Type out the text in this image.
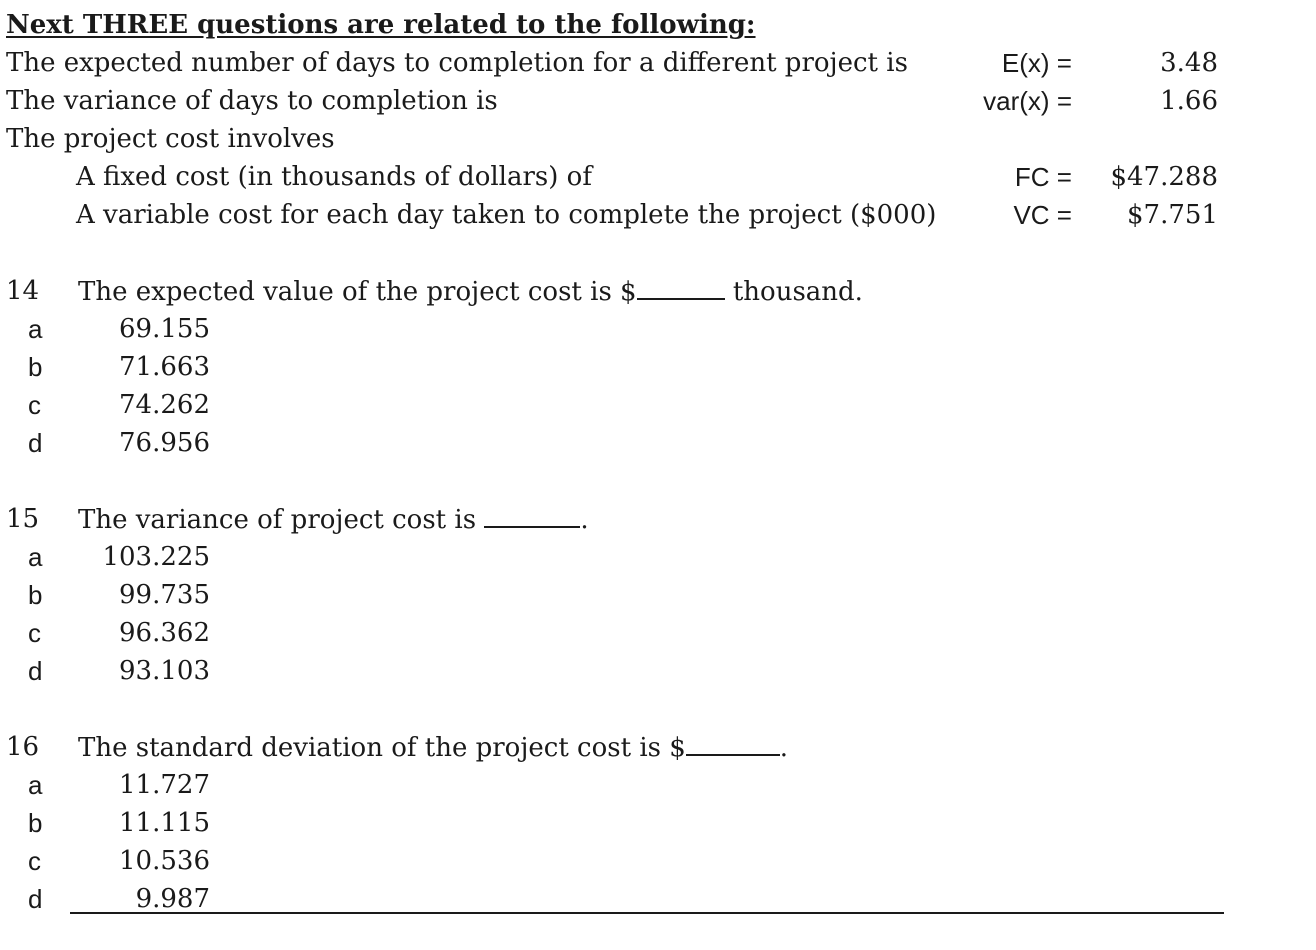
Next THREE questions are related to the following:
The expected number of days to completion for a different project is	E(x) =	3.48
The variance of days to completion is	var(x) =	1.66
The project cost involves
A fixed cost (in thousands of dollars) of	FC = $47.288
A variable cost for each day taken to complete the project ($000)	VC = $7.751
14 The expected value of the project cost is $	thousand.
a	69.155
b	71.663
c	74.262
d	76.956
15 The variance of project cost is	.
a 103.225
b	99.735
c	96.362
d	93.103
16 The standard deviation of the project cost is $	.
a	11.727
b	11.115
c	10.536
d	9.987
